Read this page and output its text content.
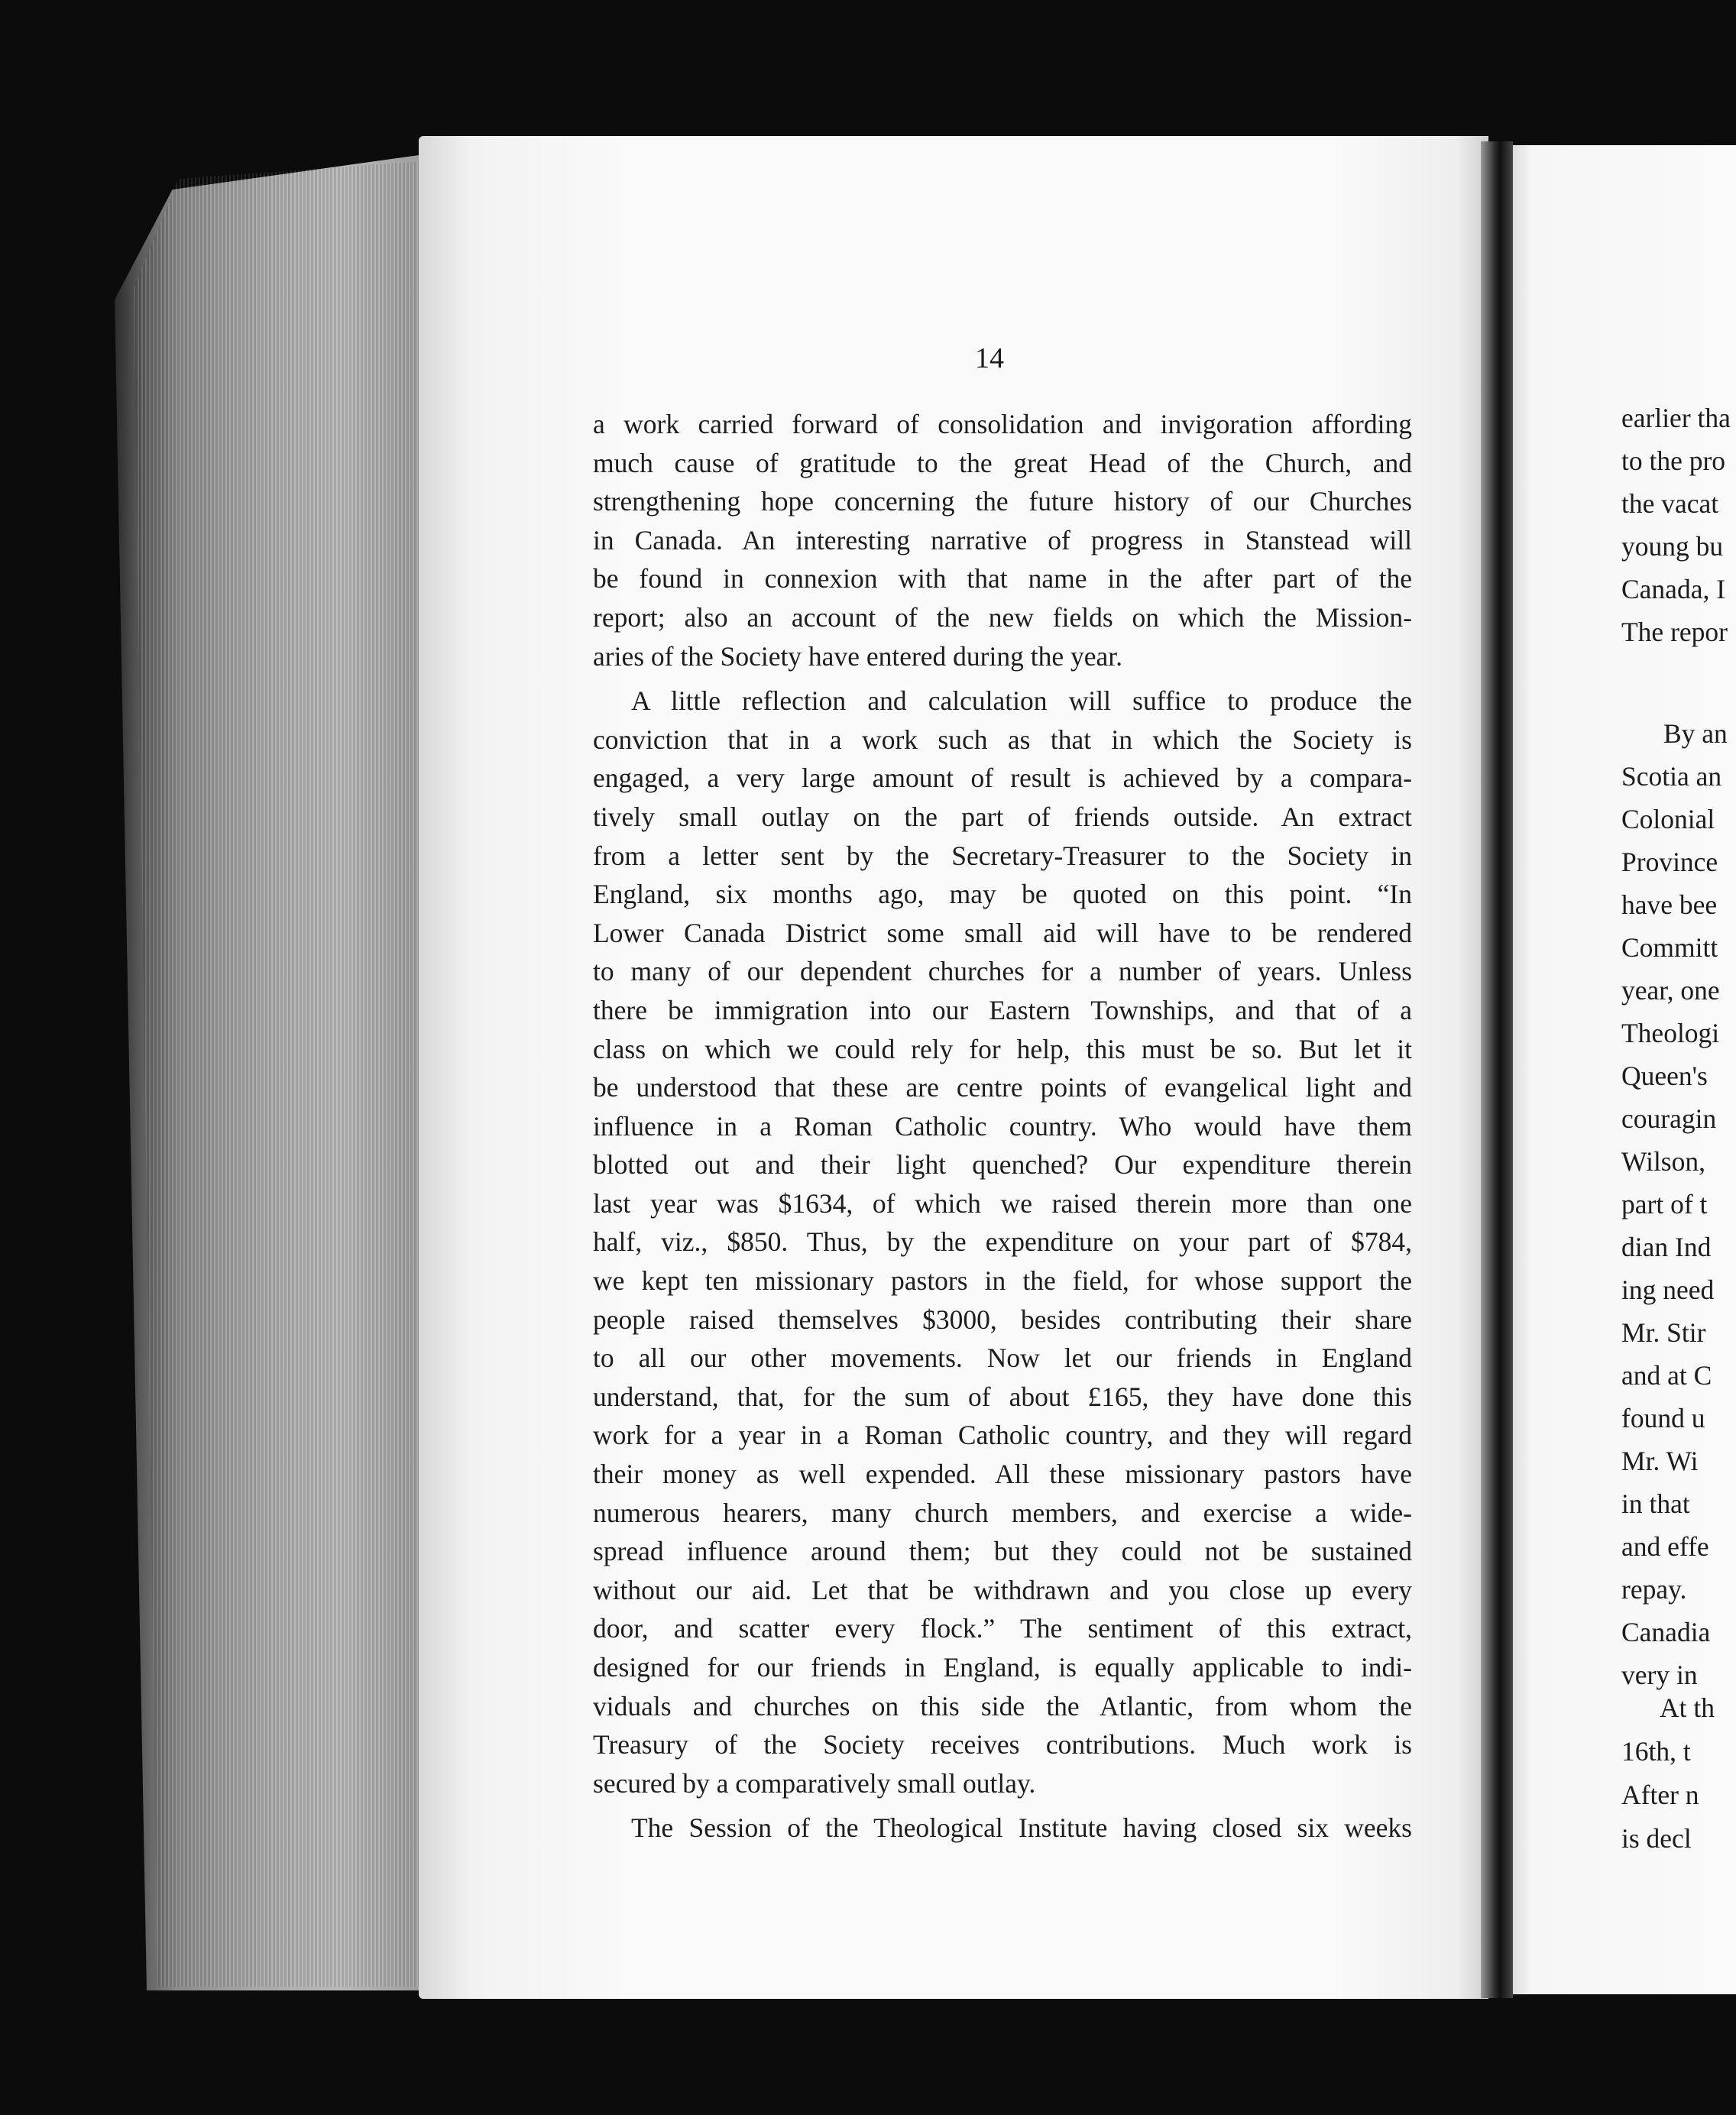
14
a work carried forward of consolidation and invigoration affording
much cause of gratitude to the great Head of the Church, and
strengthening hope concerning the future history of our Churches
in Canada. An interesting narrative of progress in Stanstead will
be found in connexion with that name in the after part of the
report; also an account of the new fields on which the Mission-
aries of the Society have entered during the year.
A little reflection and calculation will suffice to produce the
conviction that in a work such as that in which the Society is
engaged, a very large amount of result is achieved by a compara-
tively small outlay on the part of friends outside. An extract
from a letter sent by the Secretary-Treasurer to the Society in
England, six months ago, may be quoted on this point. “In
Lower Canada District some small aid will have to be rendered
to many of our dependent churches for a number of years. Unless
there be immigration into our Eastern Townships, and that of a
class on which we could rely for help, this must be so. But let it
be understood that these are centre points of evangelical light and
influence in a Roman Catholic country. Who would have them
blotted out and their light quenched? Our expenditure therein
last year was $1634, of which we raised therein more than one
half, viz., $850. Thus, by the expenditure on your part of $784,
we kept ten missionary pastors in the field, for whose support the
people raised themselves $3000, besides contributing their share
to all our other movements. Now let our friends in England
understand, that, for the sum of about £165, they have done this
work for a year in a Roman Catholic country, and they will regard
their money as well expended. All these missionary pastors have
numerous hearers, many church members, and exercise a wide-
spread influence around them; but they could not be sustained
without our aid. Let that be withdrawn and you close up every
door, and scatter every flock.” The sentiment of this extract,
designed for our friends in England, is equally applicable to indi-
viduals and churches on this side the Atlantic, from whom the
Treasury of the Society receives contributions. Much work is
secured by a comparatively small outlay.
The Session of the Theological Institute having closed six weeks
earlier tha
to the pro
the vacat
young bu
Canada, I
The repor
By an
Scotia an
Colonial
Province
have bee
Committ
year, one
Theologi
Queen's
couragin
Wilson,
part of t
dian Ind
ing need
Mr. Stir
and at C
found u
Mr. Wi
in that
and effe
repay.
Canadia
very in
At th
16th, t
After n
is decl
